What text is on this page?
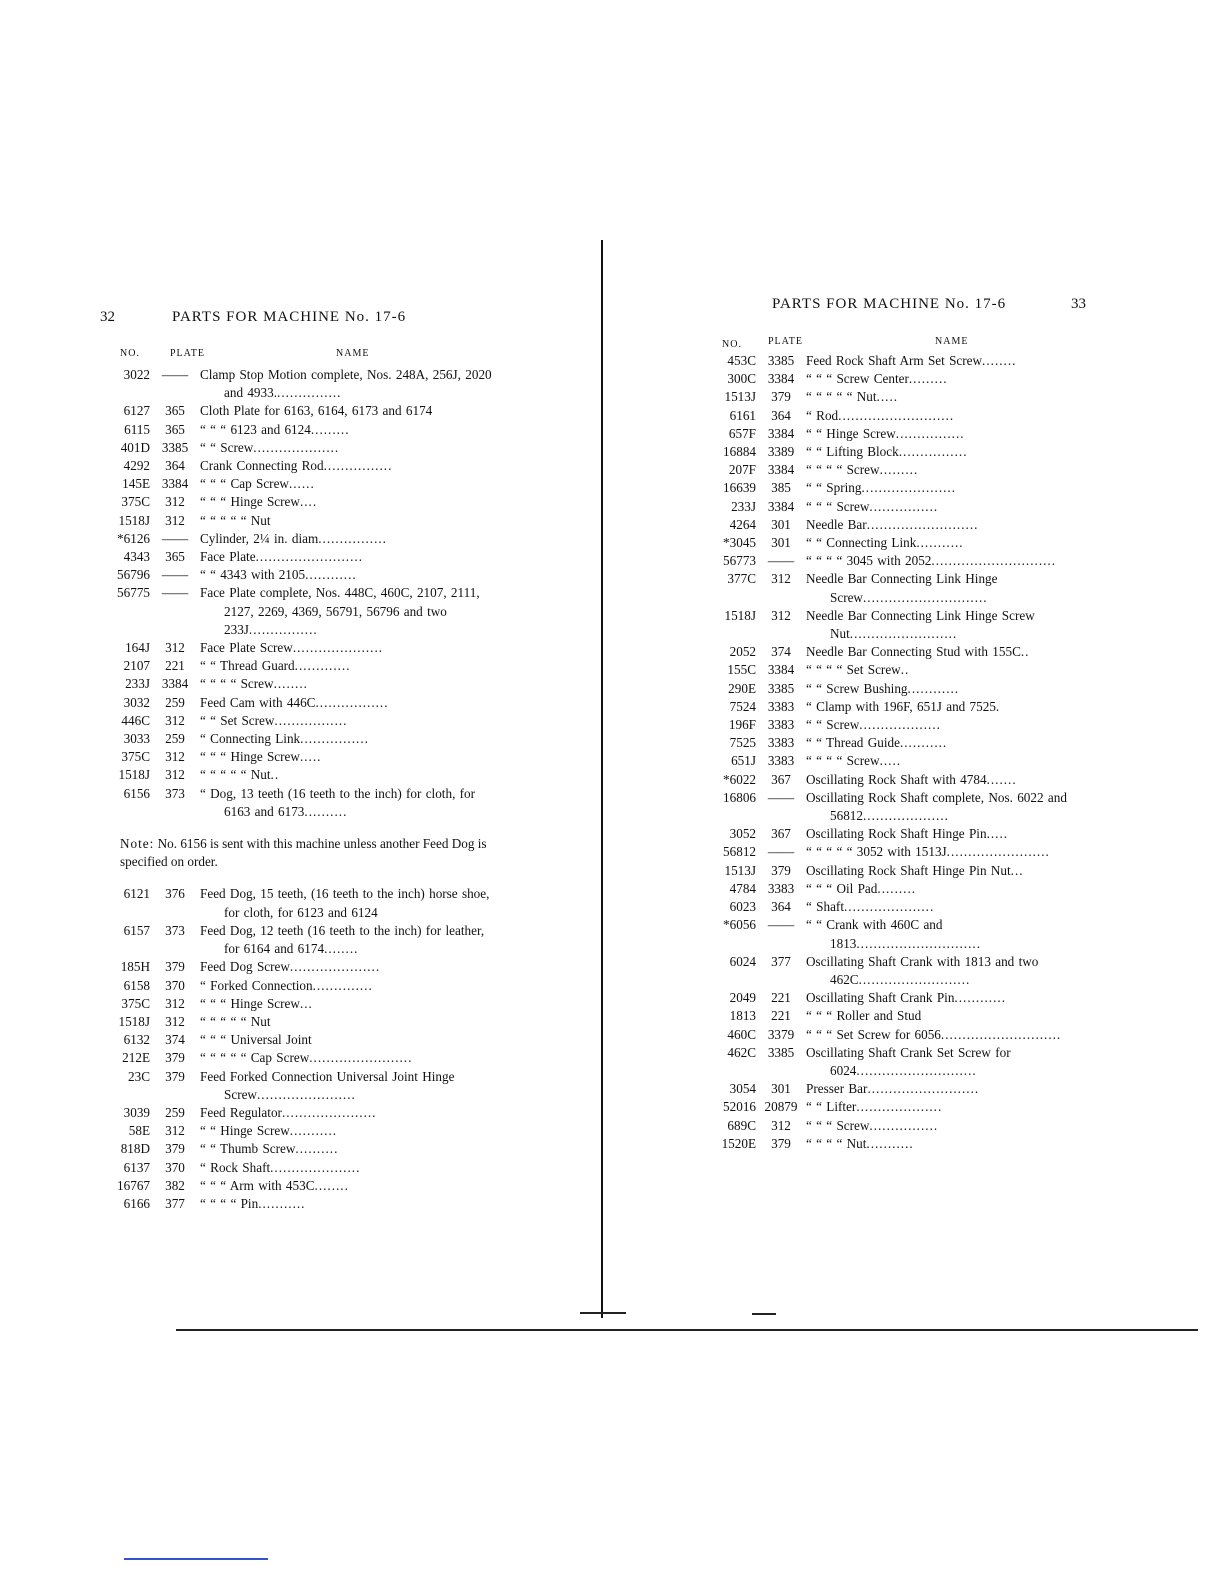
32	PARTS FOR MACHINE No. 17-6
NO.	PLATE	NAME
3022 —— Clamp Stop Motion complete, Nos. 248A, 256J, 2020 and 4933................
6127	365	Cloth Plate for 6163, 6164, 6173 and 6174
6115	365	“ “ “ 6123 and 6124.........
401D 3385 “ “ Screw....................
4292	364	Crank Connecting Rod................
145E 3384 “ “ “ Cap Screw......
375C	312	“ “ “ Hinge Screw....
1518J	312	“ “ “ “ “ Nut
*6126 —— Cylinder, 2¼ in. diam................
4343	365	Face Plate.........................
56796 —— “ “ 4343 with 2105............
56775 —— Face Plate complete, Nos. 448C, 460C, 2107, 2111, 2127, 2269, 4369, 56791, 56796 and two 233J................
164J	312	Face Plate Screw.....................
2107	221	“ “ Thread Guard.............
233J 3384 “ “ “ “ Screw........
3032	259	Feed Cam with 446C.................
446C	312	“ “ Set Screw.................
3033	259	“ Connecting Link................
375C	312	“ “ “ Hinge Screw.....
1518J	312	“ “ “ “ “ Nut..
6156	373	“ Dog, 13 teeth (16 teeth to the inch) for cloth, for 6163 and 6173..........
Note: No. 6156 is sent with this machine unless another Feed Dog is specified on order.
6121	376	Feed Dog, 15 teeth, (16 teeth to the inch) horse shoe, for cloth, for 6123 and 6124
6157	373	Feed Dog, 12 teeth (16 teeth to the inch) for leather, for 6164 and 6174........
185H	379	Feed Dog Screw.....................
6158	370	“ Forked Connection..............
375C	312	“ “ “ Hinge Screw...
1518J	312	“ “ “ “ “ Nut
6132	374	“ “ “ Universal Joint
212E	379	“ “ “ “ “ Cap Screw........................
23C	379	Feed Forked Connection Universal Joint Hinge Screw.......................
3039	259	Feed Regulator......................
58E	312	“ “ Hinge Screw...........
818D	379	“ “ Thumb Screw..........
6137	370	“ Rock Shaft.....................
16767	382	“ “ “ Arm with 453C........
6166	377	“ “ “ “ Pin...........
PARTS FOR MACHINE No. 17-6	33
NO.	PLATE	NAME
453C 3385 Feed Rock Shaft Arm Set Screw........
300C 3384 “ “ “ Screw Center.........
1513J	379	“ “ “ “ “ Nut.....
6161	364	“ Rod...........................
657F 3384 “ “ Hinge Screw................
16884 3389 “ “ Lifting Block................
207F 3384 “ “ “ “ Screw.........
16639	385	“ “ Spring......................
233J 3384 “ “ “ Screw................
4264	301	Needle Bar..........................
*3045	301	“ “ Connecting Link...........
56773 —— “ “ “ “ 3045 with 2052.............................
377C	312	Needle Bar Connecting Link Hinge Screw.............................
1518J	312	Needle Bar Connecting Link Hinge Screw Nut.........................
2052	374	Needle Bar Connecting Stud with 155C..
155C 3384 “ “ “ “ Set Screw..
290E 3385 “ “ Screw Bushing............
7524 3383 “ Clamp with 196F, 651J and 7525.
196F 3383 “ “ Screw...................
7525 3383 “ “ Thread Guide...........
651J 3383 “ “ “ “ Screw.....
*6022	367	Oscillating Rock Shaft with 4784.......
16806 —— Oscillating Rock Shaft complete, Nos. 6022 and 56812....................
3052	367	Oscillating Rock Shaft Hinge Pin.....
56812 —— “ “ “ “ “ 3052 with 1513J........................
1513J	379	Oscillating Rock Shaft Hinge Pin Nut...
4784 3383 “ “ “ Oil Pad.........
6023	364	“ Shaft.....................
*6056 —— “ “ Crank with 460C and 1813.............................
6024	377	Oscillating Shaft Crank with 1813 and two 462C..........................
2049	221	Oscillating Shaft Crank Pin............
1813	221	“ “ “ Roller and Stud
460C 3379 “ “ “ Set Screw for 6056............................
462C 3385 Oscillating Shaft Crank Set Screw for 6024............................
3054	301	Presser Bar..........................
52016 20879 “ “ Lifter....................
689C	312	“ “ “ Screw................
1520E	379	“ “ “ “ Nut...........
